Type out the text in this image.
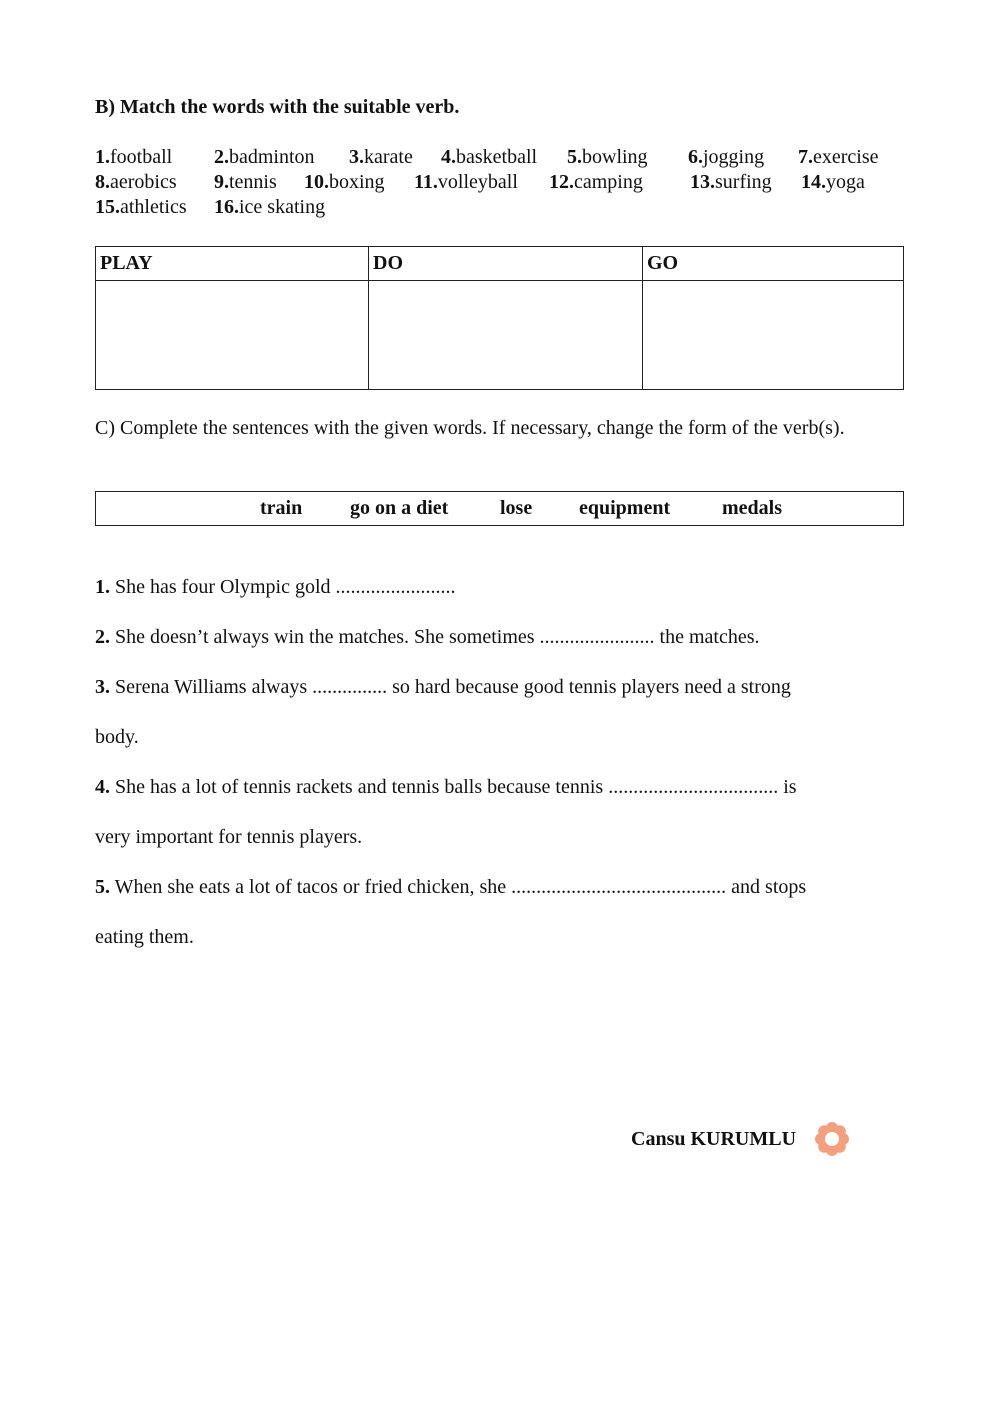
B) Match the words with the suitable verb.
1.football 2.badminton 3.karate 4.basketball 5.bowling 6.jogging 7.exercise
8.aerobics 9.tennis 10.boxing 11.volleyball 12.camping 13.surfing 14.yoga
15.athletics 16.ice skating
PLAY	DO	GO

C) Complete the sentences with the given words. If necessary, change the form of the verb(s).
train go on a diet	lose equipment	medals
1. She has four Olympic gold ........................
2. She doesn’t always win the matches. She sometimes ....................... the matches.
3. Serena Williams always ............... so hard because good tennis players need a strong
body.
4. She has a lot of tennis rackets and tennis balls because tennis .................................. is
very important for tennis players.
5. When she eats a lot of tacos or fried chicken, she ........................................... and stops
eating them.
Cansu KURUMLU
